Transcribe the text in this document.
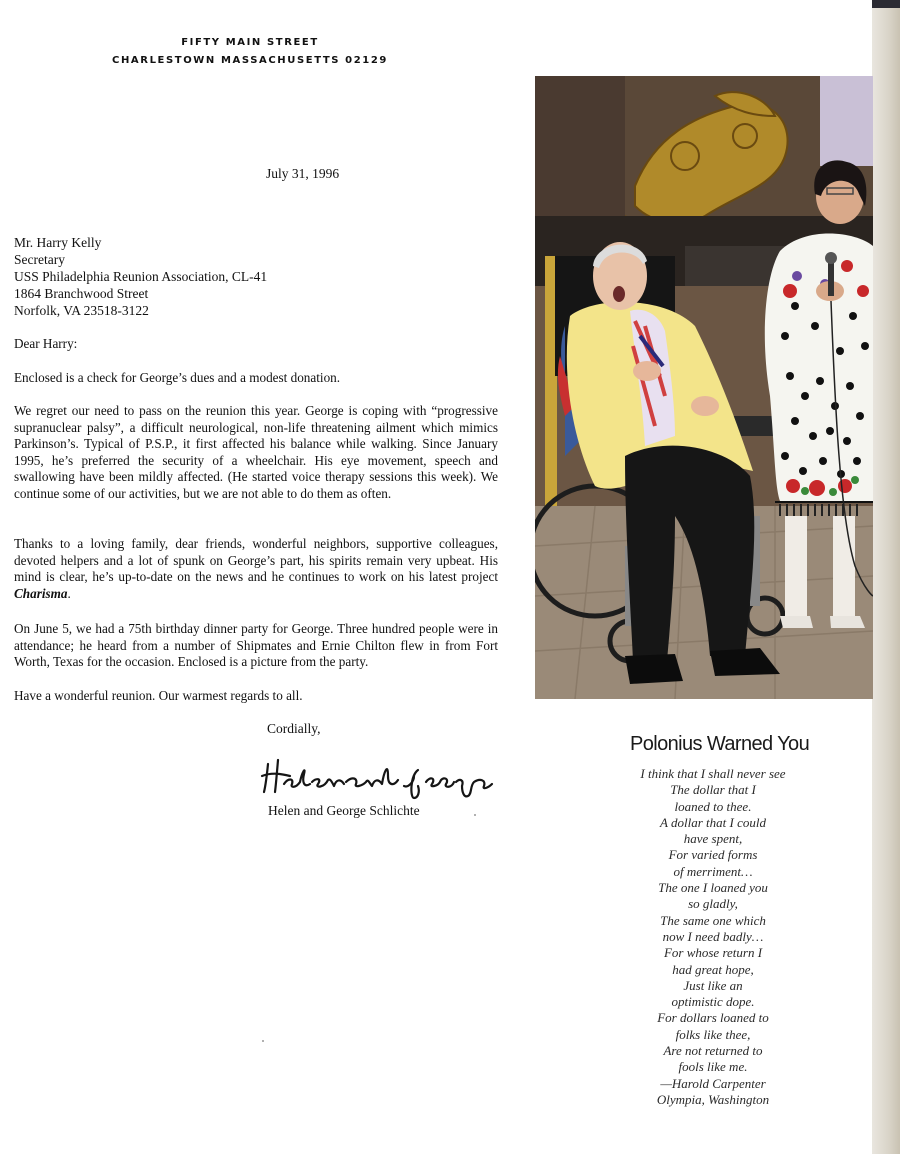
FIFTY MAIN STREET
CHARLESTOWN MASSACHUSETTS 02129
July 31, 1996
Mr. Harry Kelly
Secretary
USS Philadelphia Reunion Association, CL-41
1864 Branchwood Street
Norfolk, VA 23518-3122
Dear Harry:
Enclosed is a check for George’s dues and a modest donation.
We regret our need to pass on the reunion this year. George is coping with “progressive supranuclear palsy”, a difficult neurological, non-life threatening ailment which mimics Parkinson’s. Typical of P.S.P., it first affected his balance while walking. Since January 1995, he’s preferred the security of a wheelchair. His eye movement, speech and swallowing have been mildly affected. (He started voice therapy sessions this week). We continue some of our activities, but we are not able to do them as often.
Thanks to a loving family, dear friends, wonderful neighbors, supportive colleagues, devoted helpers and a lot of spunk on George’s part, his spirits remain very upbeat. His mind is clear, he’s up-to-date on the news and he continues to work on his latest project Charisma.
On June 5, we had a 75th birthday dinner party for George. Three hundred people were in attendance; he heard from a number of Shipmates and Ernie Chilton flew in from Fort Worth, Texas for the occasion. Enclosed is a picture from the party.
Have a wonderful reunion. Our warmest regards to all.
Cordially,
Helen and George Schlichte
Polonius Warned You
I think that I shall never see
The dollar that I
loaned to thee.
A dollar that I could
have spent,
For varied forms
of merriment…
The one I loaned you
so gladly,
The same one which
now I need badly…
For whose return I
had great hope,
Just like an
optimistic dope.
For dollars loaned to
folks like thee,
Are not returned to
fools like me.
—Harold Carpenter
Olympia, Washington
